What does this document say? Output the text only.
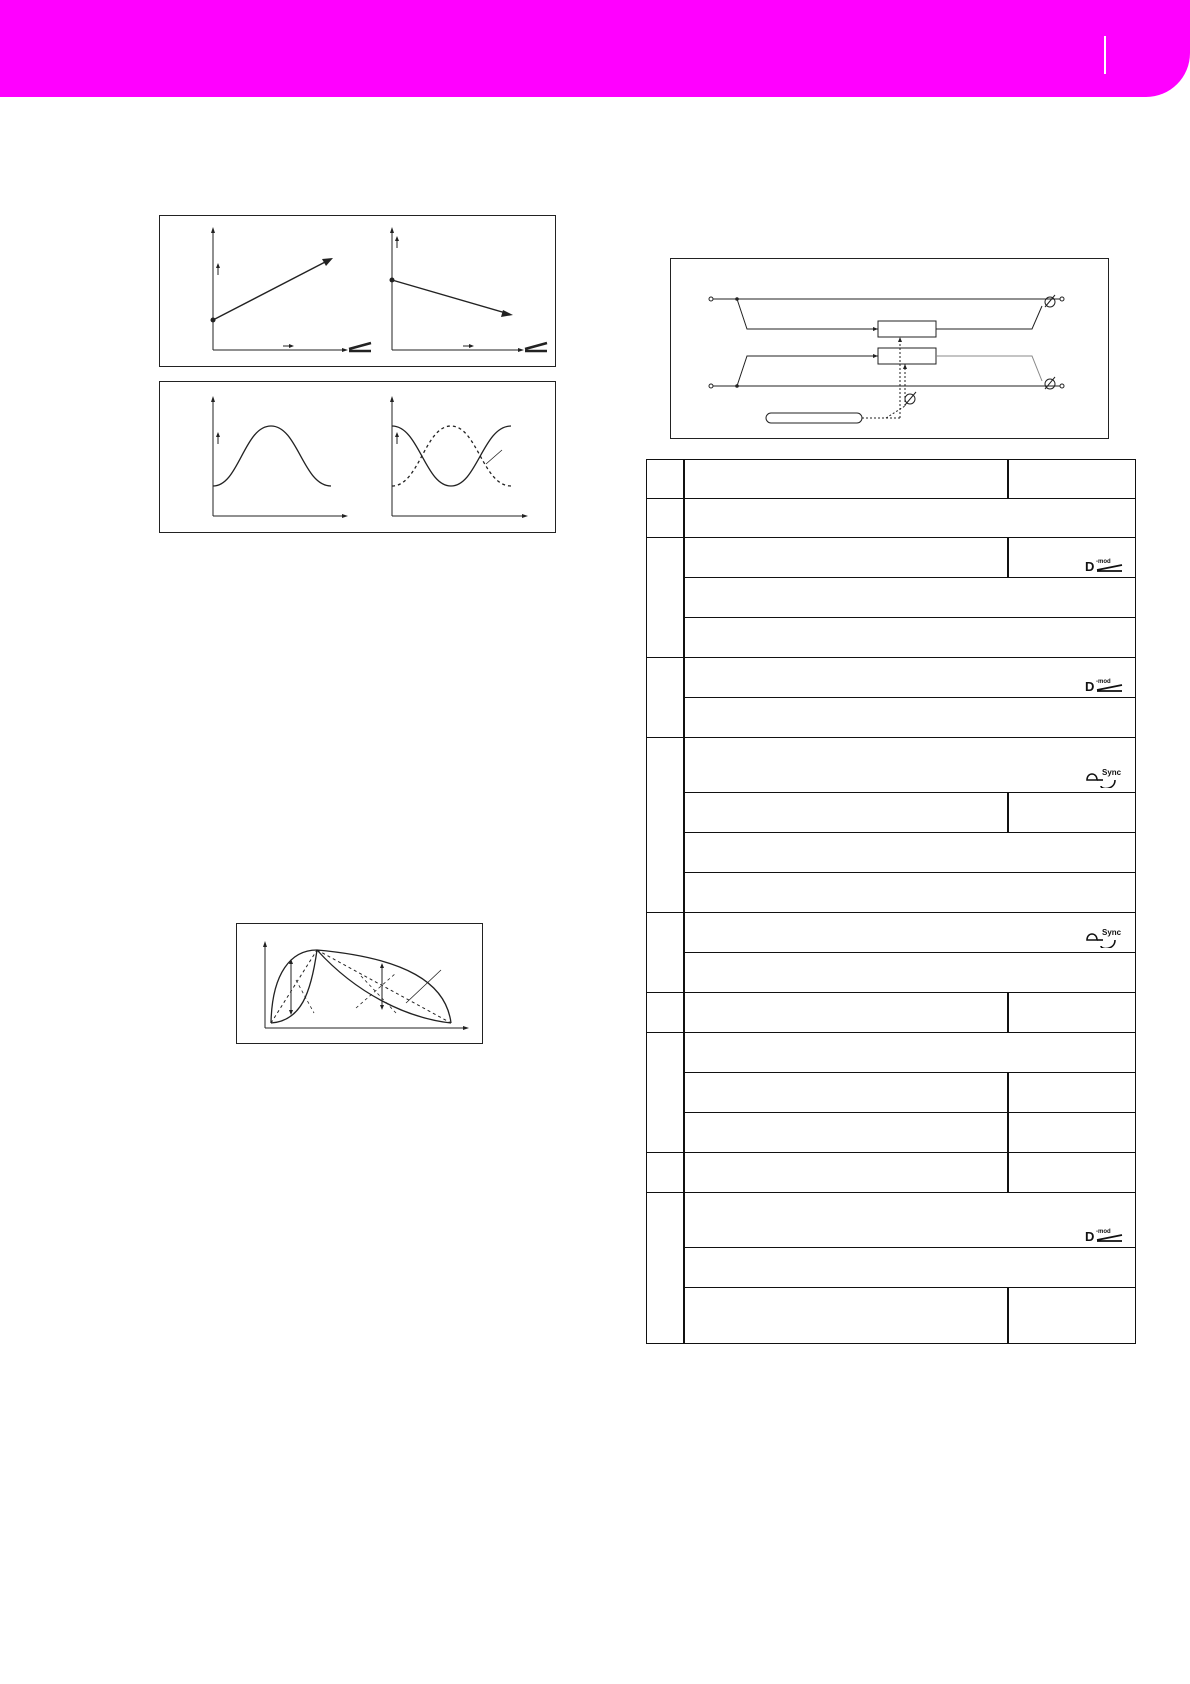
D -mod
D -mod
Sync
Sync
D -mod
